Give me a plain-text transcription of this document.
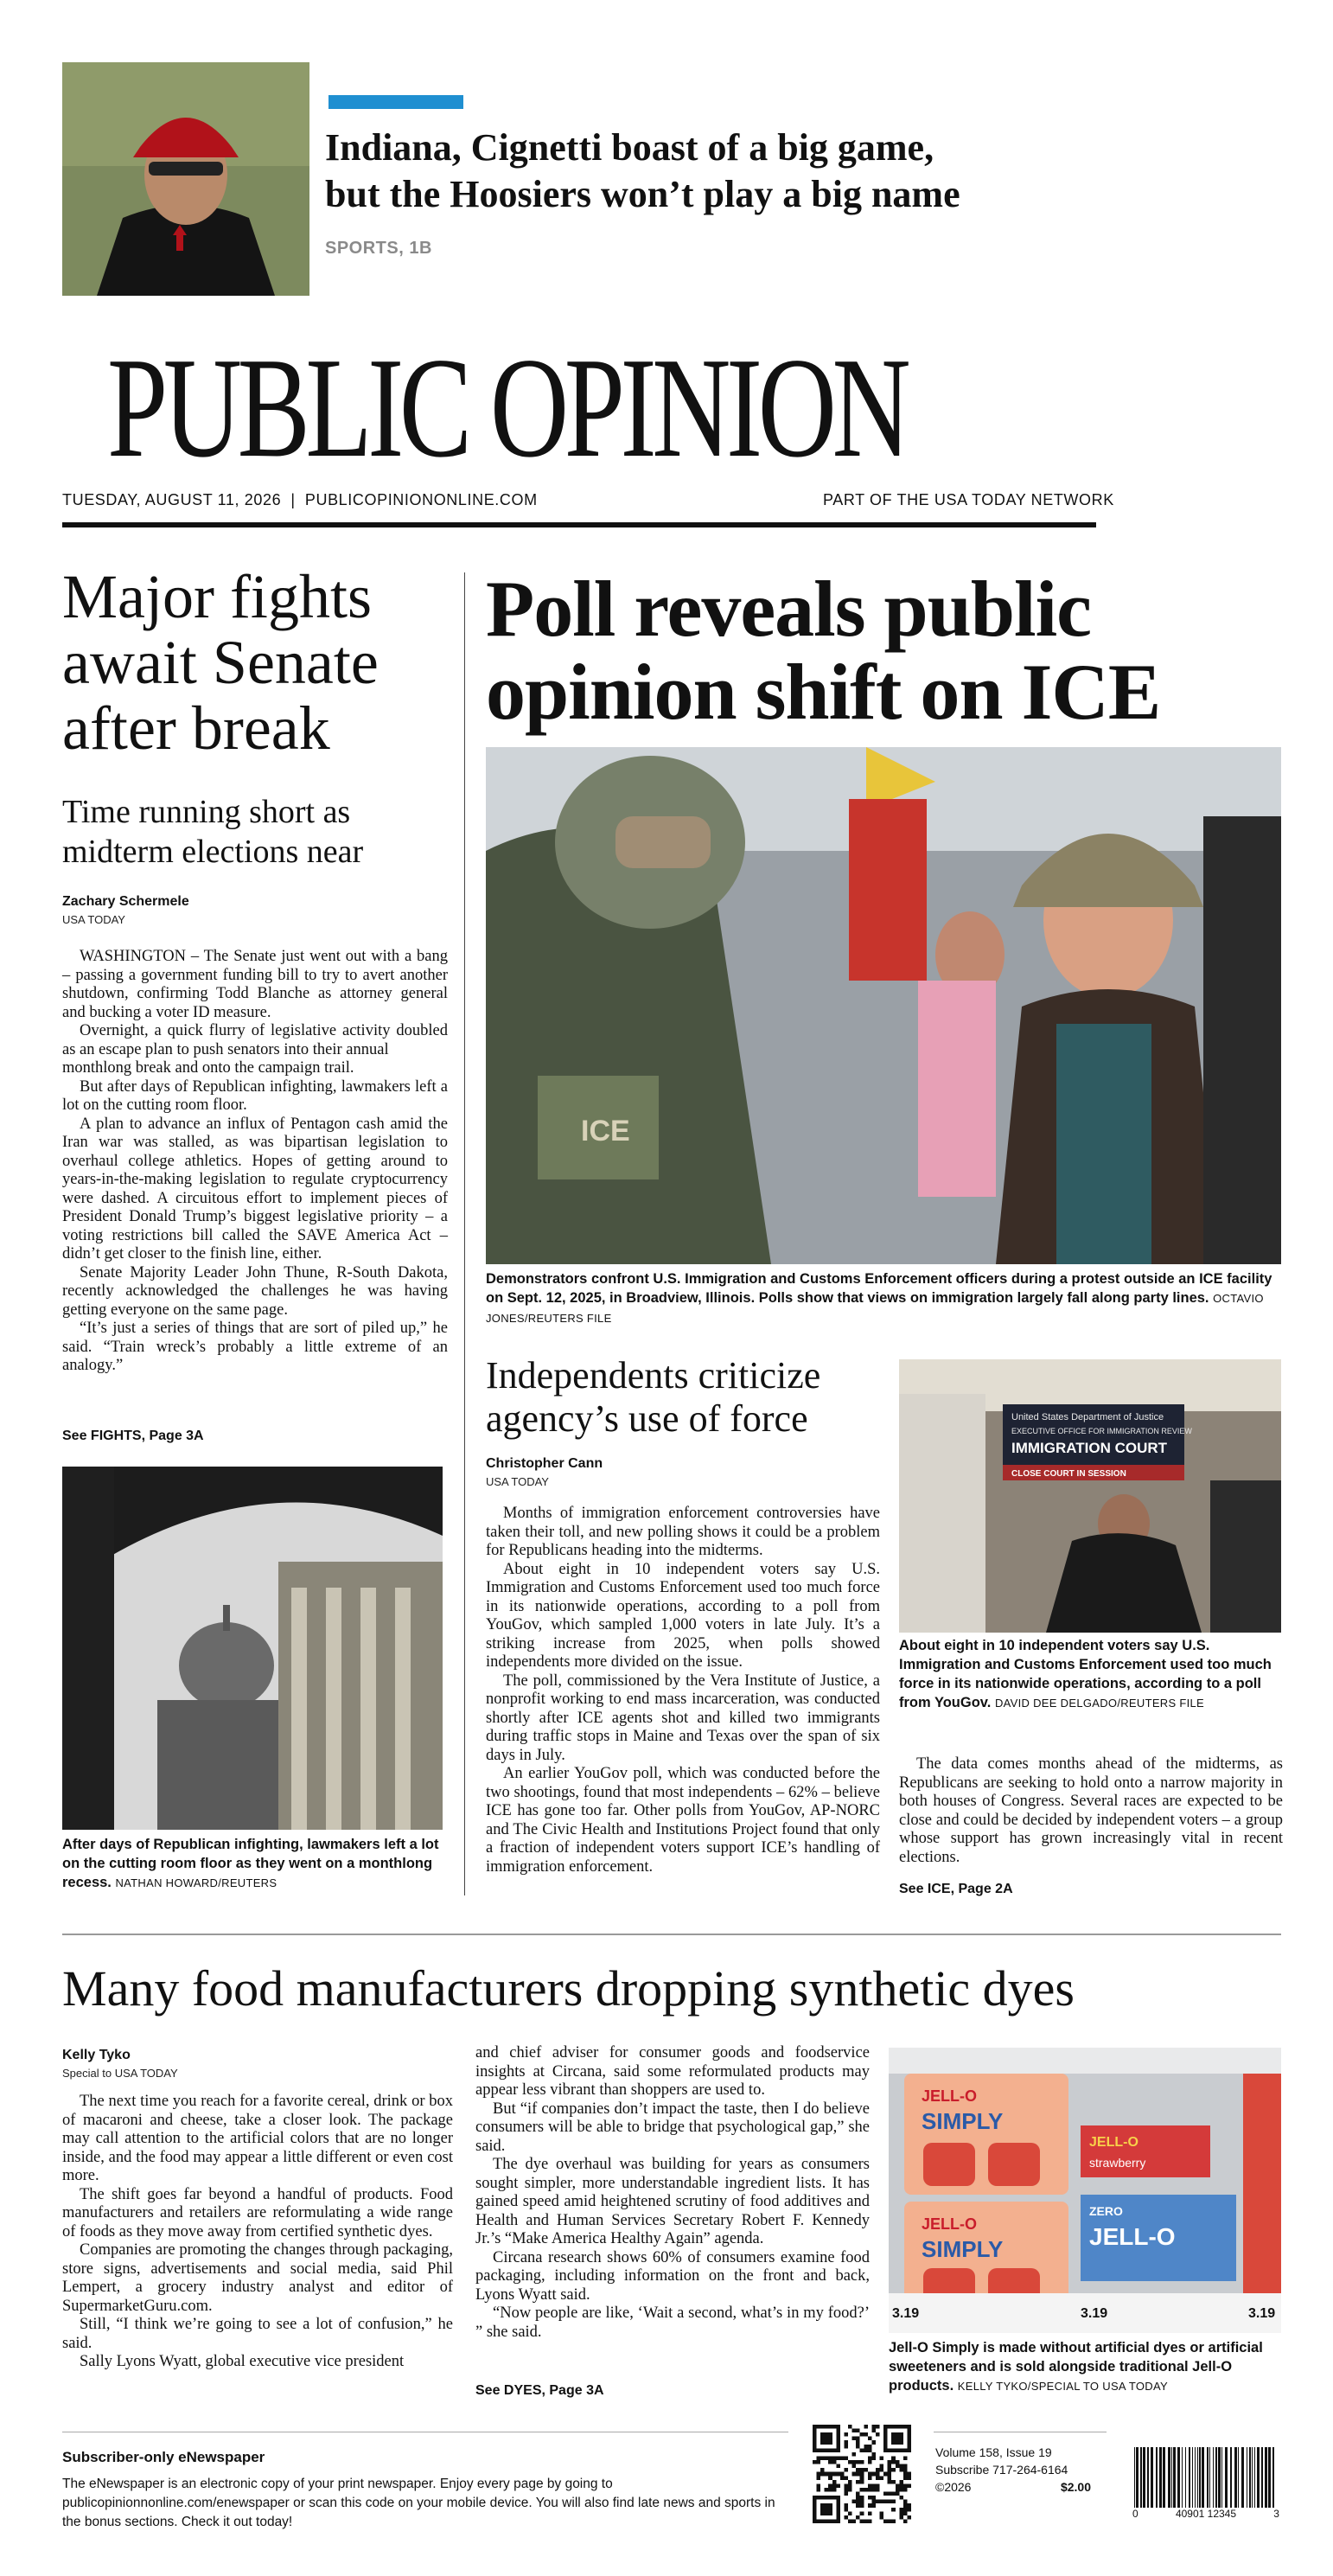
Indiana, Cignetti boast of a big game,
but the Hoosiers won’t play a big name
SPORTS, 1B
PUBLIC OPINION
TUESDAY, AUGUST 11, 2026  |  PUBLICOPINIONONLINE.COM	PART OF THE USA TODAY NETWORK
Major fights
await Senate
after break
Time running short as
midterm elections near
Zachary Schermele
USA TODAY

WASHINGTON – The Senate just went out with a bang – passing a government funding bill to try to avert another shutdown, confirming Todd Blanche as attorney general and bucking a voter ID measure.

Overnight, a quick flurry of legislative activity doubled as an escape plan to push senators into their annual

monthlong break and onto the campaign trail.

But after days of Republican infighting, lawmakers left a lot on the cutting room floor.

A plan to advance an influx of Pentagon cash amid the Iran war was stalled, as was bipartisan legislation to overhaul college athletics. Hopes of getting around to years-in-the-making legislation to regulate cryptocurrency were dashed. A circuitous effort to implement pieces of President Donald Trump’s biggest legislative priority – a voting restrictions bill called the SAVE America Act – didn’t get closer to the finish line, either.

Senate Majority Leader John Thune, R-South Dakota, recently acknowledged the challenges he was having getting everyone on the same page.

“It’s just a series of things that are sort of piled up,” he said. “Train wreck’s probably a little extreme of an analogy.”

See FIGHTS, Page 3A
After days of Republican infighting, lawmakers left a lot on the cutting room floor as they went on a monthlong recess. NATHAN HOWARD/REUTERS
Poll reveals public
opinion shift on ICE
ICE
Demonstrators confront U.S. Immigration and Customs Enforcement officers during a protest outside an ICE facility on Sept. 12, 2025, in Broadview, Illinois. Polls show that views on immigration largely fall along party lines. OCTAVIO JONES/REUTERS FILE
Independents criticize
agency’s use of force
Christopher Cann
USA TODAY

Months of immigration enforcement controversies have taken their toll, and new polling shows it could be a problem for Republicans heading into the midterms.

About eight in 10 independent voters say U.S. Immigration and Customs Enforcement used too much force in its nationwide operations, according to a poll from YouGov, which sampled 1,000 voters in late July. It’s a striking increase from 2025, when polls showed independents more divided on the issue.

The poll, commissioned by the Vera Institute of Justice, a nonprofit working to end mass incarceration, was conducted shortly after ICE agents shot and killed two immigrants during traffic stops in Maine and Texas over the span of six days in July.

An earlier YouGov poll, which was conducted before the two shootings, found that most independents – 62% – believe ICE has gone too far. Other polls from YouGov, AP-NORC and The Civic Health and Institutions Project found that only a fraction of independent voters support ICE’s handling of immigration enforcement.

United States Department of Justice
EXECUTIVE OFFICE FOR IMMIGRATION REVIEW
IMMIGRATION COURT
CLOSE COURT IN SESSION
About eight in 10 independent voters say U.S. Immigration and Customs Enforcement used too much force in its nationwide operations, according to a poll from YouGov. DAVID DEE DELGADO/REUTERS FILE

The data comes months ahead of the midterms, as Republicans are seeking to hold onto a narrow majority in both houses of Congress. Several races are expected to be close and could be decided by independent voters – a group whose support has grown increasingly vital in recent elections.

See ICE, Page 2A
Many food manufacturers dropping synthetic dyes
Kelly Tyko
Special to USA TODAY

The next time you reach for a favorite cereal, drink or box of macaroni and cheese, take a closer look. The package may call attention to the artificial colors that are no longer inside, and the food may appear a little different or even cost more.

The shift goes far beyond a handful of products. Food manufacturers and retailers are reformulating a wide range of foods as they move away from certified synthetic dyes.

Companies are promoting the changes through packaging, store signs, advertisements and social media, said Phil Lempert, a grocery industry analyst and editor of SupermarketGuru.com.

Still, “I think we’re going to see a lot of confusion,” he said.

Sally Lyons Wyatt, global executive vice president

and chief adviser for consumer goods and foodservice insights at Circana, said some reformulated products may appear less vibrant than shoppers are used to.

But “if companies don’t impact the taste, then I do believe consumers will be able to bridge that psychological gap,” she said.

The dye overhaul was building for years as consumers sought simpler, more understandable ingredient lists. It has gained speed amid heightened scrutiny of food additives and Health and Human Services Secretary Robert F. Kennedy Jr.’s “Make America Healthy Again” agenda.

Circana research shows 60% of consumers examine food packaging, including information on the front and back, Lyons Wyatt said.

“Now people are like, ‘Wait a second, what’s in my food?’ ” she said.

See DYES, Page 3A
JELL-O
SIMPLY
JELL-O
SIMPLY
JELL-O
strawberry
ZERO
JELL-O
3.19	3.19	3.19
Jell-O Simply is made without artificial dyes or artificial sweeteners and is sold alongside traditional Jell-O products. KELLY TYKO/SPECIAL TO USA TODAY
Subscriber-only eNewspaper
The eNewspaper is an electronic copy of your print newspaper. Enjoy every page by going to publicopinionnonline.com/enewspaper or scan this code on your mobile device. You will also find late news and sports in the bonus sections. Check it out today!
Volume 158, Issue 19
Subscribe 717-264-6164
©2026	$2.00
0	40901 12345	3
